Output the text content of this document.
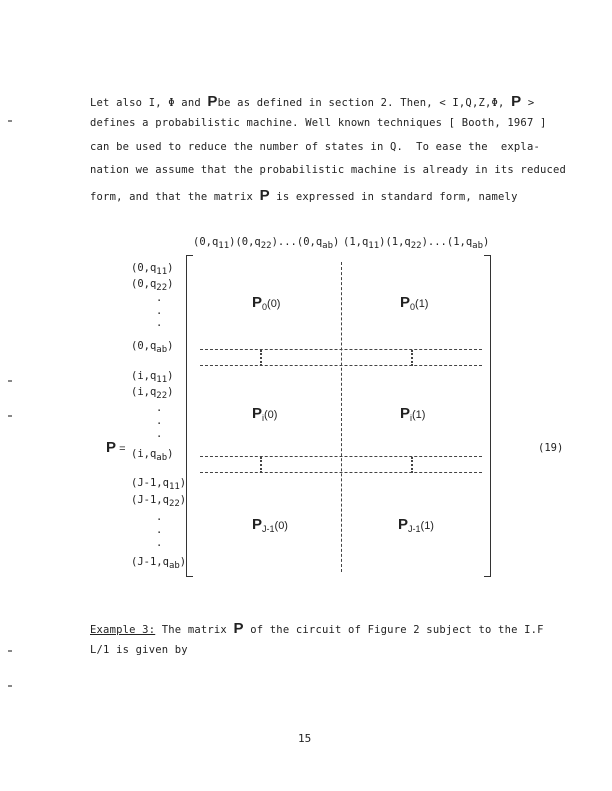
Let also I, Φ and Pbe as defined in section 2. Then, < I,Q,Z,Φ, P >
defines a probabilistic machine. Well known techniques [ Booth, 1967 ]
can be used to reduce the number of states in Q.  To ease the  expla-
nation we assume that the probabilistic machine is already in its reduced
form, and that the matrix P is expressed in standard form, namely
$(0,q_{11})(0,q_{22})...(0,q_{ab})$ $(1,q_{11})(1,q_{22})...(1,q_{ab})$
$(0,q_{11})$
$(0,q_{22})$
·
·
·
$(0,q_{ab})$
$(i,q_{11})$
$(i,q_{22})$
·
·
·
$(i,q_{ab})$
$(J-1,q_{11})$
$(J-1,q_{22})$
·
·
·
$(J-1,q_{ab})$
P =
$P_0(0)$	$P_0(1)$
$P_i(0)$	$P_i(1)$
$P_{J-1}(0)$	$P_{J-1}(1)$
(19)
Example 3: The matrix P of the circuit of Figure 2 subject to the I.F
L/1 is given by
15
